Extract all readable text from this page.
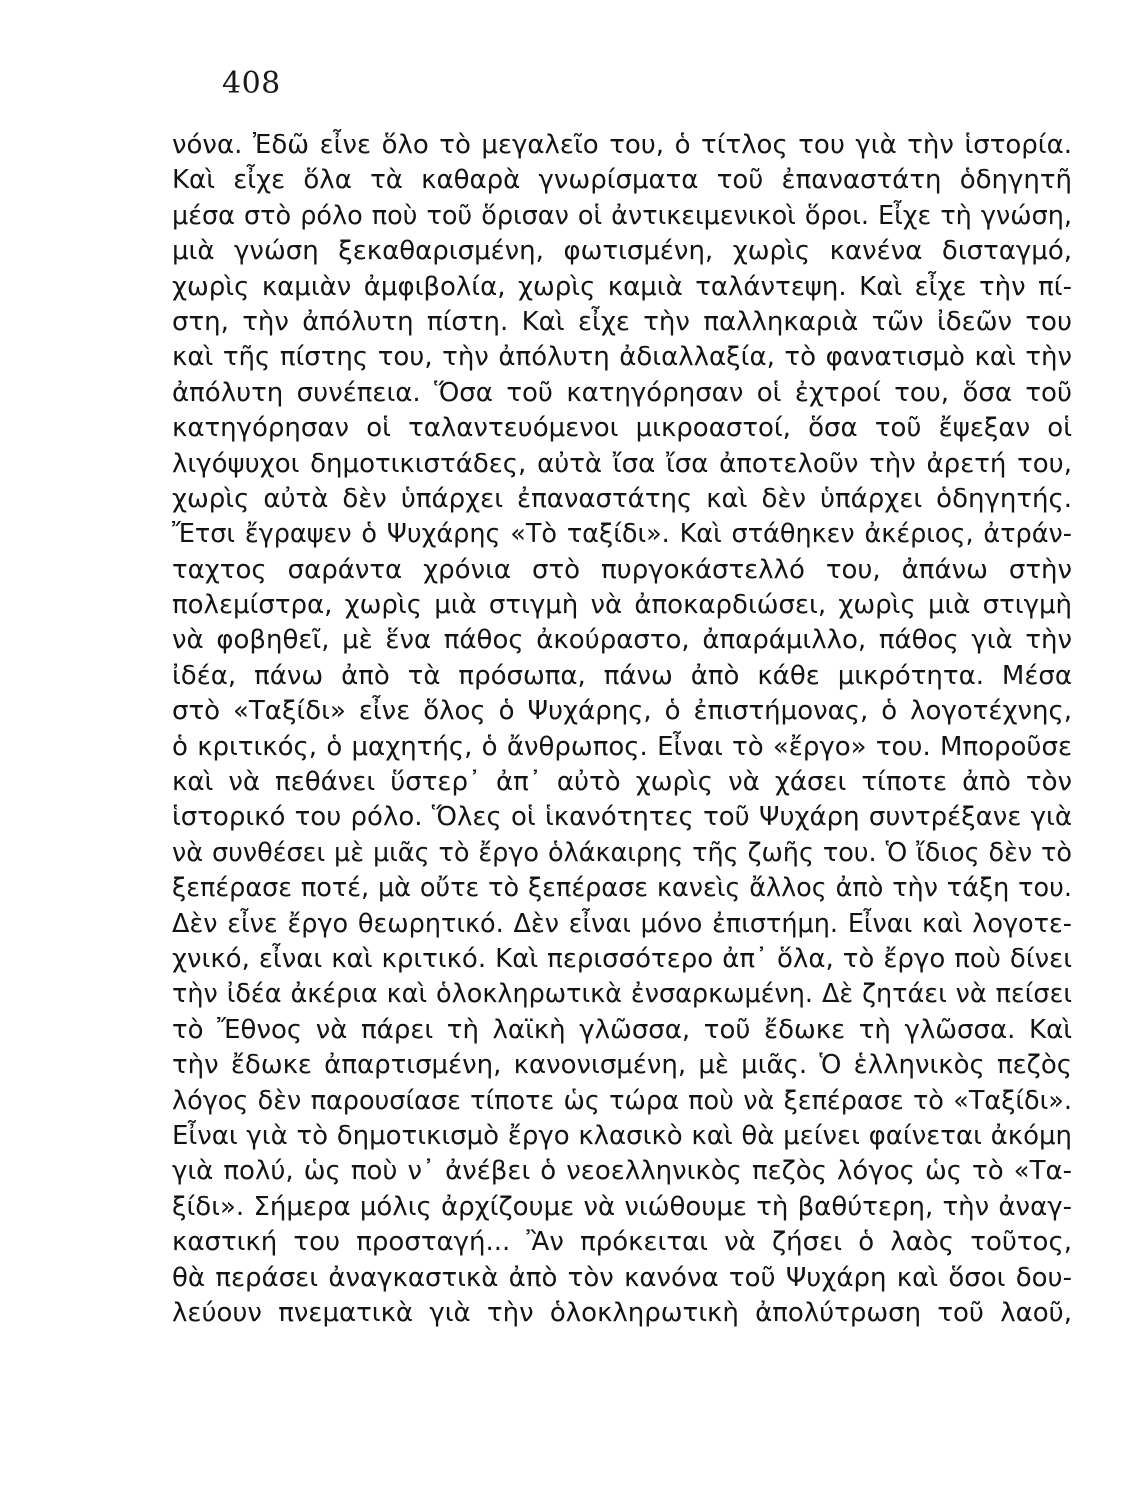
408
νόνα. Ἐδῶ εἶνε ὅλο τὸ μεγαλεῖο του, ὁ τίτλος του γιὰ τὴν ἱστορία.
Καὶ εἶχε ὅλα τὰ καθαρὰ γνωρίσματα τοῦ ἐπαναστάτη ὁδηγητῆ
μέσα στὸ ρόλο ποὺ τοῦ ὅρισαν οἱ ἀντικειμενικοὶ ὅροι. Εἶχε τὴ γνώση,
μιὰ γνώση ξεκαθαρισμένη, φωτισμένη, χωρὶς κανένα δισταγμό,
χωρὶς καμιὰν ἀμφιβολία, χωρὶς καμιὰ ταλάντεψη. Καὶ εἶχε τὴν πί-
στη, τὴν ἀπόλυτη πίστη. Καὶ εἶχε τὴν παλληκαριὰ τῶν ἰδεῶν του
καὶ τῆς πίστης του, τὴν ἀπόλυτη ἀδιαλλαξία, τὸ φανατισμὸ καὶ τὴν
ἀπόλυτη συνέπεια. Ὅσα τοῦ κατηγόρησαν οἱ ἐχτροί του, ὅσα τοῦ
κατηγόρησαν οἱ ταλαντευόμενοι μικροαστοί, ὅσα τοῦ ἔψεξαν οἱ
λιγόψυχοι δημοτικιστάδες, αὐτὰ ἴσα ἴσα ἀποτελοῦν τὴν ἀρετή του,
χωρὶς αὐτὰ δὲν ὑπάρχει ἐπαναστάτης καὶ δὲν ὑπάρχει ὁδηγητής.
Ἔτσι ἔγραψεν ὁ Ψυχάρης «Τὸ ταξίδι». Καὶ στάθηκεν ἀκέριος, ἀτράν-
ταχτος σαράντα χρόνια στὸ πυργοκάστελλό του, ἀπάνω στὴν
πολεμίστρα, χωρὶς μιὰ στιγμὴ νὰ ἀποκαρδιώσει, χωρὶς μιὰ στιγμὴ
νὰ φοβηθεῖ, μὲ ἕνα πάθος ἀκούραστο, ἀπαράμιλλο, πάθος γιὰ τὴν
ἰδέα, πάνω ἀπὸ τὰ πρόσωπα, πάνω ἀπὸ κάθε μικρότητα. Μέσα
στὸ «Ταξίδι» εἶνε ὅλος ὁ Ψυχάρης, ὁ ἐπιστήμονας, ὁ λογοτέχνης,
ὁ κριτικός, ὁ μαχητής, ὁ ἄνθρωπος. Εἶναι τὸ «ἔργο» του. Μποροῦσε
καὶ νὰ πεθάνει ὕστερ᾽ ἀπ᾽ αὐτὸ χωρὶς νὰ χάσει τίποτε ἀπὸ τὸν
ἱστορικό του ρόλο. Ὅλες οἱ ἱκανότητες τοῦ Ψυχάρη συντρέξανε γιὰ
νὰ συνθέσει μὲ μιᾶς τὸ ἔργο ὁλάκαιρης τῆς ζωῆς του. Ὁ ἴδιος δὲν τὸ
ξεπέρασε ποτέ, μὰ οὔτε τὸ ξεπέρασε κανεὶς ἄλλος ἀπὸ τὴν τάξη του.
Δὲν εἶνε ἔργο θεωρητικό. Δὲν εἶναι μόνο ἐπιστήμη. Εἶναι καὶ λογοτε-
χνικό, εἶναι καὶ κριτικό. Καὶ περισσότερο ἀπ᾽ ὅλα, τὸ ἔργο ποὺ δίνει
τὴν ἰδέα ἀκέρια καὶ ὁλοκληρωτικὰ ἐνσαρκωμένη. Δὲ ζητάει νὰ πείσει
τὸ Ἔθνος νὰ πάρει τὴ λαϊκὴ γλῶσσα, τοῦ ἔδωκε τὴ γλῶσσα. Καὶ
τὴν ἔδωκε ἀπαρτισμένη, κανονισμένη, μὲ μιᾶς. Ὁ ἑλληνικὸς πεζὸς
λόγος δὲν παρουσίασε τίποτε ὡς τώρα ποὺ νὰ ξεπέρασε τὸ «Ταξίδι».
Εἶναι γιὰ τὸ δημοτικισμὸ ἔργο κλασικὸ καὶ θὰ μείνει φαίνεται ἀκόμη
γιὰ πολύ, ὡς ποὺ ν᾽ ἀνέβει ὁ νεοελληνικὸς πεζὸς λόγος ὡς τὸ «Τα-
ξίδι». Σήμερα μόλις ἀρχίζουμε νὰ νιώθουμε τὴ βαθύτερη, τὴν ἀναγ-
καστική του προσταγή... Ἂν πρόκειται νὰ ζήσει ὁ λαὸς τοῦτος,
θὰ περάσει ἀναγκαστικὰ ἀπὸ τὸν κανόνα τοῦ Ψυχάρη καὶ ὅσοι δου-
λεύουν πνεματικὰ γιὰ τὴν ὁλοκληρωτικὴ ἀπολύτρωση τοῦ λαοῦ,
